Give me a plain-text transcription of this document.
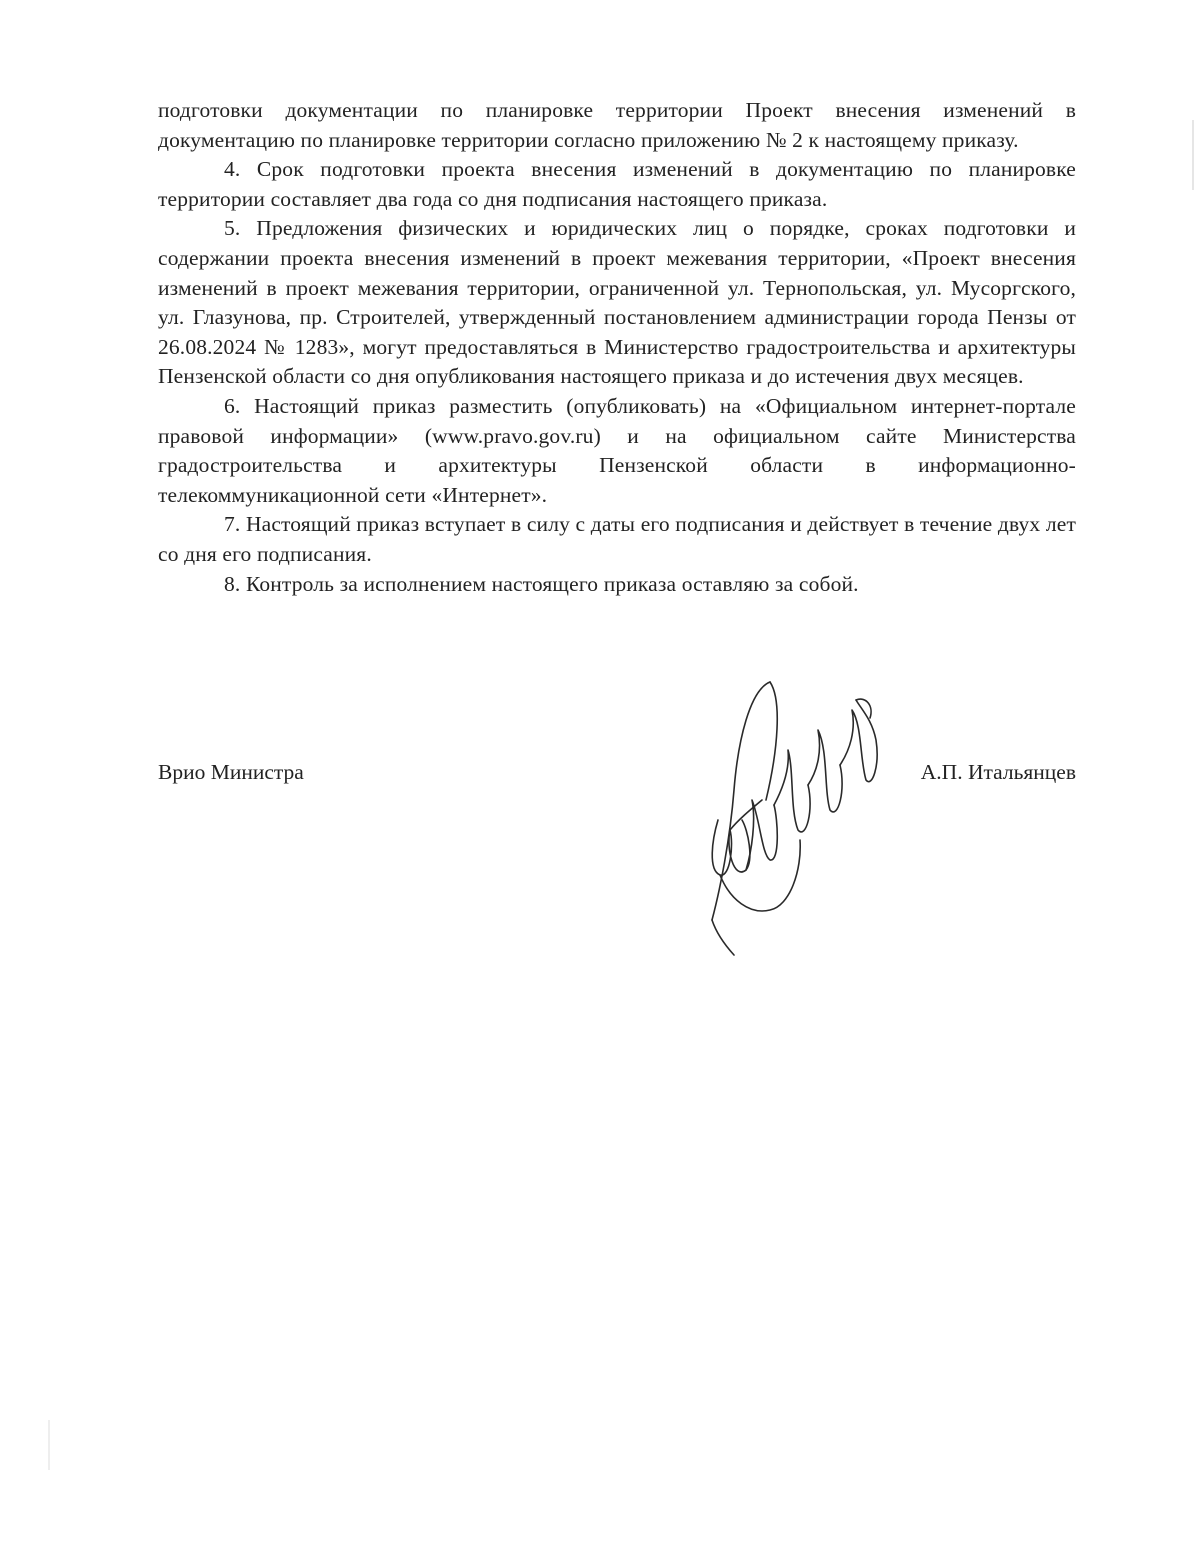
подготовки документации по планировке территории Проект внесения изменений в документацию по планировке территории согласно приложению № 2 к настоящему приказу.

4. Срок подготовки проекта внесения изменений в документацию по планировке территории составляет два года со дня подписания настоящего приказа.

5. Предложения физических и юридических лиц о порядке, сроках подготовки и содержании проекта внесения изменений в проект межевания территории, «Проект внесения изменений в проект межевания территории, ограниченной ул. Тернопольская, ул. Мусоргского, ул. Глазунова, пр. Строителей, утвержденный постановлением администрации города Пензы от 26.08.2024 № 1283», могут предоставляться в Министерство градостроительства и архитектуры Пензенской области со дня опубликования настоящего приказа и до истечения двух месяцев.

6. Настоящий приказ разместить (опубликовать) на «Официальном интернет-портале правовой информации» (www.pravo.gov.ru) и на официальном сайте Министерства градостроительства и архитектуры Пензенской области в информационно-телекоммуникационной сети «Интернет».

7. Настоящий приказ вступает в силу с даты его подписания и действует в течение двух лет со дня его подписания.

8. Контроль за исполнением настоящего приказа оставляю за собой.

Врио Министра	А.П. Итальянцев
